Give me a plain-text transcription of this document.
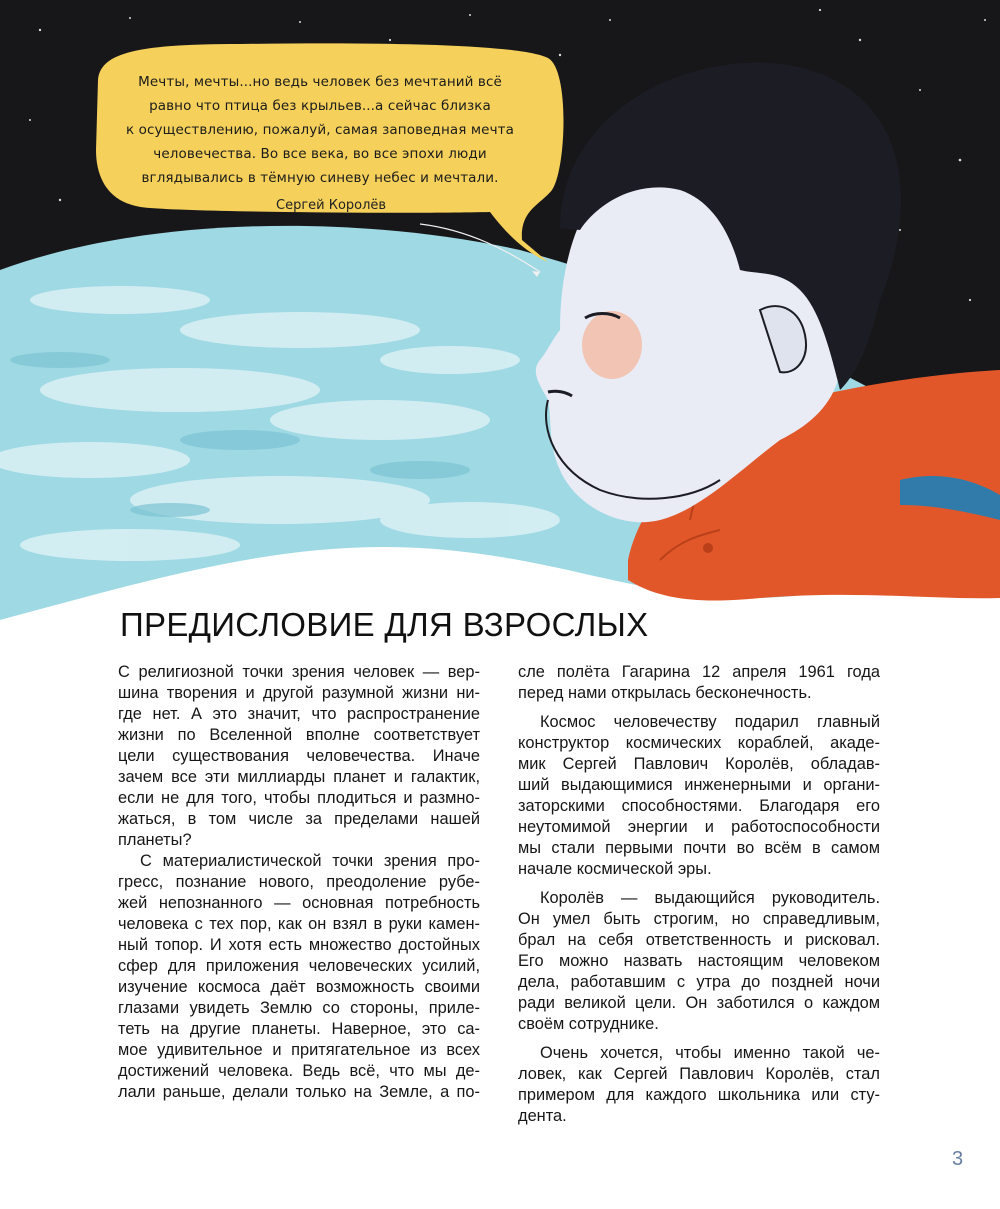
Мечты, мечты...но ведь человек без мечтаний всё
равно что птица без крыльев...а сейчас близка
к осуществлению, пожалуй, самая заповедная мечта
человечества. Во все века, во все эпохи люди
вглядывались в тёмную синеву небес и мечтали.
Сергей Королёв
ПРЕДИСЛОВИЕ ДЛЯ ВЗРОСЛЫХ

С религиозной точки зрения человек — вер-
шина творения и другой разумной жизни ни-
где нет. А это значит, что распространение
жизни по Вселенной вполне соответствует
цели существования человечества. Иначе
зачем все эти миллиарды планет и галактик,
если не для того, чтобы плодиться и размно-
жаться, в том числе за пределами нашей
планеты?

С материалистической точки зрения про-
гресс, познание нового, преодоление рубе-
жей непознанного — основная потребность
человека с тех пор, как он взял в руки камен-
ный топор. И хотя есть множество достойных
сфер для приложения человеческих усилий,
изучение космоса даёт возможность своими
глазами увидеть Землю со стороны, прилe-
теть на другие планеты. Наверное, это са-
мое удивительное и притягательное из всех
достижений человека. Ведь всё, что мы де-
лали раньше, делали только на Земле, а по-

сле полёта Гагарина 12 апреля 1961 года
перед нами открылась бесконечность.

Космос человечеству подарил главный
конструктор космических кораблей, акаде-
мик Сергей Павлович Королёв, обладав-
ший выдающимися инженерными и органи-
заторскими способностями. Благодаря его
неутомимой энергии и работоспособности
мы стали первыми почти во всём в самом
начале космической эры.

Королёв — выдающийся руководитель.
Он умел быть строгим, но справедливым,
брал на себя ответственность и рисковал.
Его можно назвать настоящим человеком
дела, работавшим с утра до поздней ночи
ради великой цели. Он заботился о каждом
своём сотруднике.

Очень хочется, чтобы именно такой че-
ловек, как Сергей Павлович Королёв, стал
примером для каждого школьника или сту-
дента.

3
